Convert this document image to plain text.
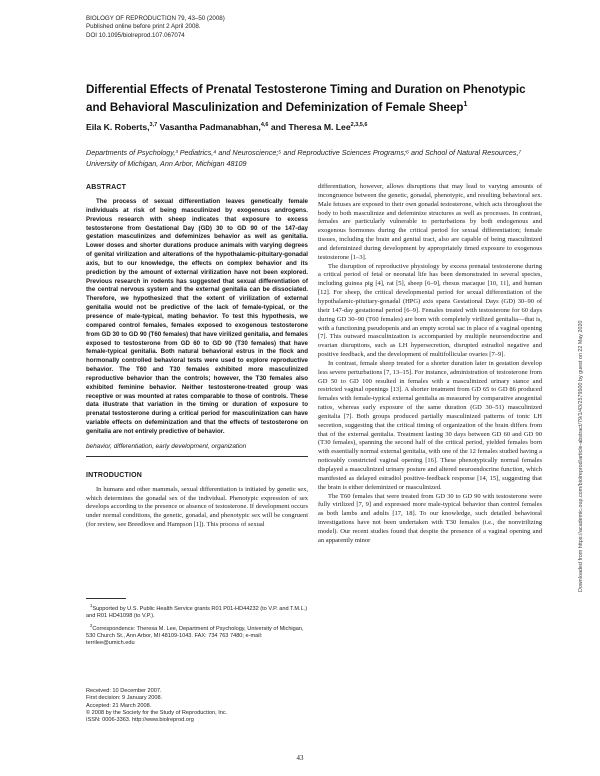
BIOLOGY OF REPRODUCTION 79, 43–50 (2008)
Published online before print 2 April 2008.
DOI 10.1095/biolreprod.107.067074
Differential Effects of Prenatal Testosterone Timing and Duration on Phenotypic and Behavioral Masculinization and Defeminization of Female Sheep$^1$
Eila K. Roberts,$^{3,7}$ Vasantha Padmanabhan,$^{4,6}$ and Theresa M. Lee$^{2,3,5,6}$
Departments of Psychology,³ Pediatrics,⁴ and Neuroscience;⁵ and Reproductive Sciences Programs;⁶ and School of Natural Resources,⁷ University of Michigan, Ann Arbor, Michigan 48109
ABSTRACT

The process of sexual differentiation leaves genetically female individuals at risk of being masculinized by exogenous androgens. Previous research with sheep indicates that exposure to excess testosterone from Gestational Day (GD) 30 to GD 90 of the 147-day gestation masculinizes and defeminizes behavior as well as genitalia. Lower doses and shorter durations produce animals with varying degrees of genital virilization and alterations of the hypothalamic-pituitary-gonadal axis, but to our knowledge, the effects on complex behavior and its prediction by the amount of external virilization have not been explored. Previous research in rodents has suggested that sexual differentiation of the central nervous system and the external genitalia can be dissociated. Therefore, we hypothesized that the extent of virilization of external genitalia would not be predictive of the lack of female-typical, or the presence of male-typical, mating behavior. To test this hypothesis, we compared control females, females exposed to exogenous testosterone from GD 30 to GD 90 (T60 females) that have virilized genitalia, and females exposed to testosterone from GD 60 to GD 90 (T30 females) that have female-typical genitalia. Both natural behavioral estrus in the flock and hormonally controlled behavioral tests were used to explore reproductive behavior. The T60 and T30 females exhibited more masculinized reproductive behavior than the controls; however, the T30 females also exhibited feminine behavior. Neither testosterone-treated group was receptive or was mounted at rates comparable to those of controls. These data illustrate that variation in the timing or duration of exposure to prenatal testosterone during a critical period for masculinization can have variable effects on defeminization and that the effects of testosterone on genitalia are not entirely predictive of behavior.

behavior, differentiation, early development, organization

INTRODUCTION

In humans and other mammals, sexual differentiation is initiated by genetic sex, which determines the gonadal sex of the individual. Phenotypic expression of sex develops according to the presence or absence of testosterone. If development occurs under normal conditions, the genetic, gonadal, and phenotypic sex will be congruent (for review, see Breedlove and Hampson [1]). This process of sexual

$^1$Supported by U.S. Public Health Service grants R01 P01-HD44232 (to V.P. and T.M.L.) and R01 HD41098 (to V.P.).

$^2$Correspondence: Theresa M. Lee, Department of Psychology, University of Michigan, 530 Church St., Ann Arbor, MI 48109-1043. FAX: 734 763 7480; e-mail: terrilee@umich.edu

Received: 10 December 2007.
First decision: 9 January 2008.
Accepted: 21 March 2008.
© 2008 by the Society for the Study of Reproduction, Inc.
ISSN: 0006-3363. http://www.biolreprod.org

differentiation, however, allows disruptions that may lead to varying amounts of incongruence between the genetic, gonadal, phenotypic, and resulting behavioral sex. Male fetuses are exposed to their own gonadal testosterone, which acts throughout the body to both masculinize and defeminize structures as well as processes. In contrast, females are particularly vulnerable to perturbations by both endogenous and exogenous hormones during the critical period for sexual differentiation; female tissues, including the brain and genital tract, also are capable of being masculinized and defeminized during development by appropriately timed exposure to exogenous testosterone [1–3].

The disruption of reproductive physiology by excess prenatal testosterone during a critical period of fetal or neonatal life has been demonstrated in several species, including guinea pig [4], rat [5], sheep [6–9], rhesus macaque [10, 11], and human [12]. For sheep, the critical developmental period for sexual differentiation of the hypothalamic-pituitary-gonadal (HPG) axis spans Gestational Days (GD) 30–90 of their 147-day gestational period [6–9]. Females treated with testosterone for 60 days during GD 30–90 (T60 females) are born with completely virilized genitalia—that is, with a functioning pseudopenis and an empty scrotal sac in place of a vaginal opening [7]. This outward masculinization is accompanied by multiple neuroendocrine and ovarian disruptions, such as LH hypersecretion, disrupted estradiol negative and positive feedback, and the development of multifollicular ovaries [7–9].

In contrast, female sheep treated for a shorter duration later in gestation develop less severe perturbations [7, 13–15]. For instance, administration of testosterone from GD 50 to GD 100 resulted in females with a masculinized urinary stance and restricted vaginal openings [13]. A shorter treatment from GD 65 to GD 86 produced females with female-typical external genitalia as measured by comparative anogenital ratios, whereas early exposure of the same duration (GD 30–51) masculinized genitalia [7]. Both groups produced partially masculinized patterns of tonic LH secretion, suggesting that the critical timing of organization of the brain differs from that of the external genitalia. Treatment lasting 30 days between GD 60 and GD 90 (T30 females), spanning the second half of the critical period, yielded females born with essentially normal external genitalia, with one of the 12 females studied having a noticeably constricted vaginal opening [16]. These phenotypically normal females displayed a masculinized urinary posture and altered neuroendocrine function, which manifested as delayed estradiol positive-feedback response [14, 15], suggesting that the brain is either defeminized or masculinized.

The T60 females that were treated from GD 30 to GD 90 with testosterone were fully virilized [7, 9] and expressed more male-typical behavior than control females as both lambs and adults [17, 18]. To our knowledge, such detailed behavioral investigations have not been undertaken with T30 females (i.e., the nonvirilizing model). Our recent studies found that despite the presence of a vaginal opening and an apparently minor	Downloaded from https://academic.oup.com/biolreprod/article-abstract/79/1/43/2579500 by guest on 22 May 2020
43
